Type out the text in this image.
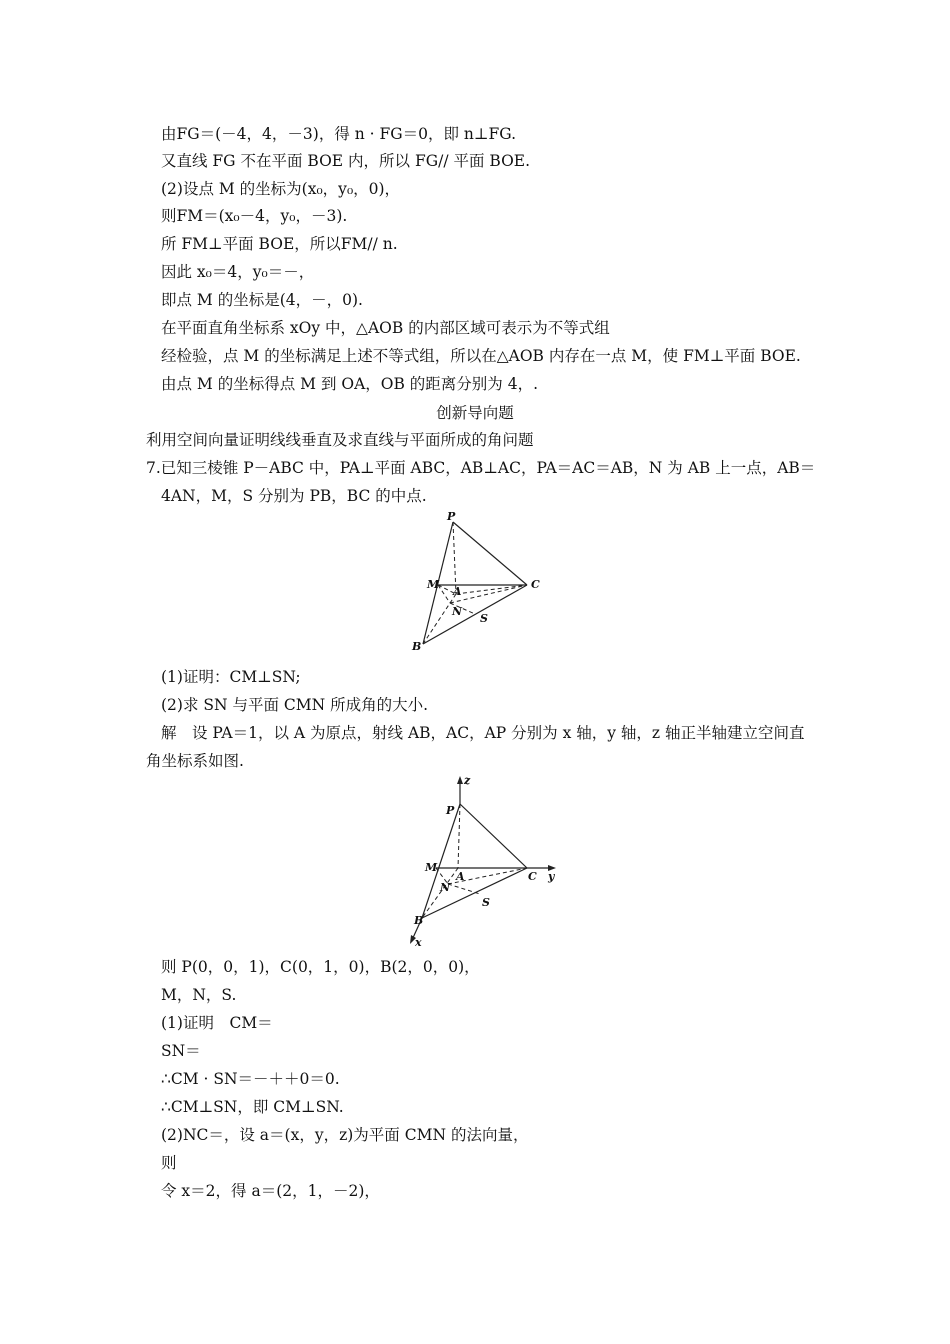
由FG＝(－4，4，－3)，得 n · FG＝0，即 n⊥FG.
又直线 FG 不在平面 BOE 内，所以 FG// 平面 BOE.
(2)设点 M 的坐标为(x₀，y₀，0)，
则FM＝(x₀－4，y₀，－3).
所 FM⊥平面 BOE，所以FM// n.
因此 x₀＝4，y₀＝－，
即点 M 的坐标是(4，－，0).
在平面直角坐标系 xOy 中，△AOB 的内部区域可表示为不等式组
经检验，点 M 的坐标满足上述不等式组，所以在△AOB 内存在一点 M，使 FM⊥平面 BOE.
由点 M 的坐标得点 M 到 OA，OB 的距离分别为 4，.
创新导向题
利用空间向量证明线线垂直及求直线与平面所成的角问题
7.已知三棱锥 P－ABC 中，PA⊥平面 ABC，AB⊥AC，PA＝AC＝AB，N 为 AB 上一点，AB＝
4AN，M，S 分别为 PB，BC 的中点.
P
M
A
C
N
S
B
(1)证明：CM⊥SN;
(2)求 SN 与平面 CMN 所成角的大小.
解　设 PA＝1，以 A 为原点，射线 AB，AC，AP 分别为 x 轴，y 轴，z 轴正半轴建立空间直
角坐标系如图.
z
P
M
A	C y
N
S
B
x
则 P(0，0，1)，C(0，1，0)，B(2，0，0)，
M，N，S.
(1)证明　CM＝
SN＝
∴CM · SN＝－＋＋0＝0.
∴CM⊥SN，即 CM⊥SN.
(2)NC＝，设 a＝(x，y，z)为平面 CMN 的法向量，
则
令 x＝2，得 a＝(2，1，－2)，
